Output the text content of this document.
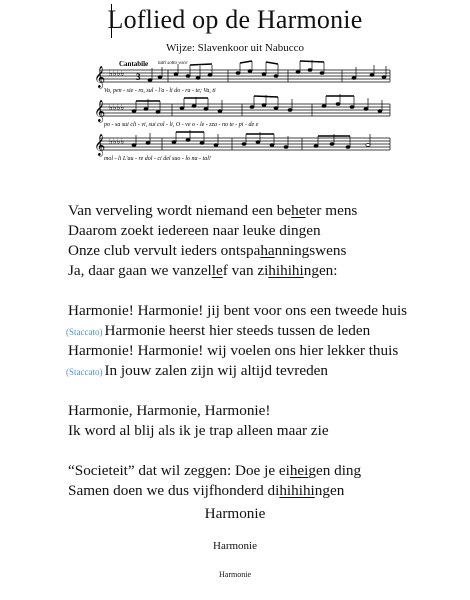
Loflied op de Harmonie
Wijze: Slavenkoor uit Nabucco
𝄞 ♭♭♭♭ 3
Cantabile tutti sotto voce
Va, pen - sie - ro, sul - l'a - li do - ra - te; Va, ti
𝄞 ♭♭♭♭
po - sa sui cli - vi, sui col - li, O - ve o - le - zza - no te - pi - de e
𝄞 ♭♭♭♭
mol - li L'au - re dol - ci del suo - lo na - tal!
Van verveling wordt niemand een beheter mens
Daarom zoekt iedereen naar leuke dingen
Onze club vervult ieders ontspahanningswens
Ja, daar gaan we vanzellef van zihihihingen:
Harmonie! Harmonie! jij bent voor ons een tweede huis
(Staccato) Harmonie heerst hier steeds tussen de leden
Harmonie! Harmonie! wij voelen ons hier lekker thuis
(Staccato) In jouw zalen zijn wij altijd tevreden
Harmonie, Harmonie, Harmonie!
Ik word al blij als ik je trap alleen maar zie
“Societeit” dat wil zeggen: Doe je eiheigen ding
Samen doen we dus vijfhonderd dihihihingen
Harmonie
Harmonie
Harmonie
